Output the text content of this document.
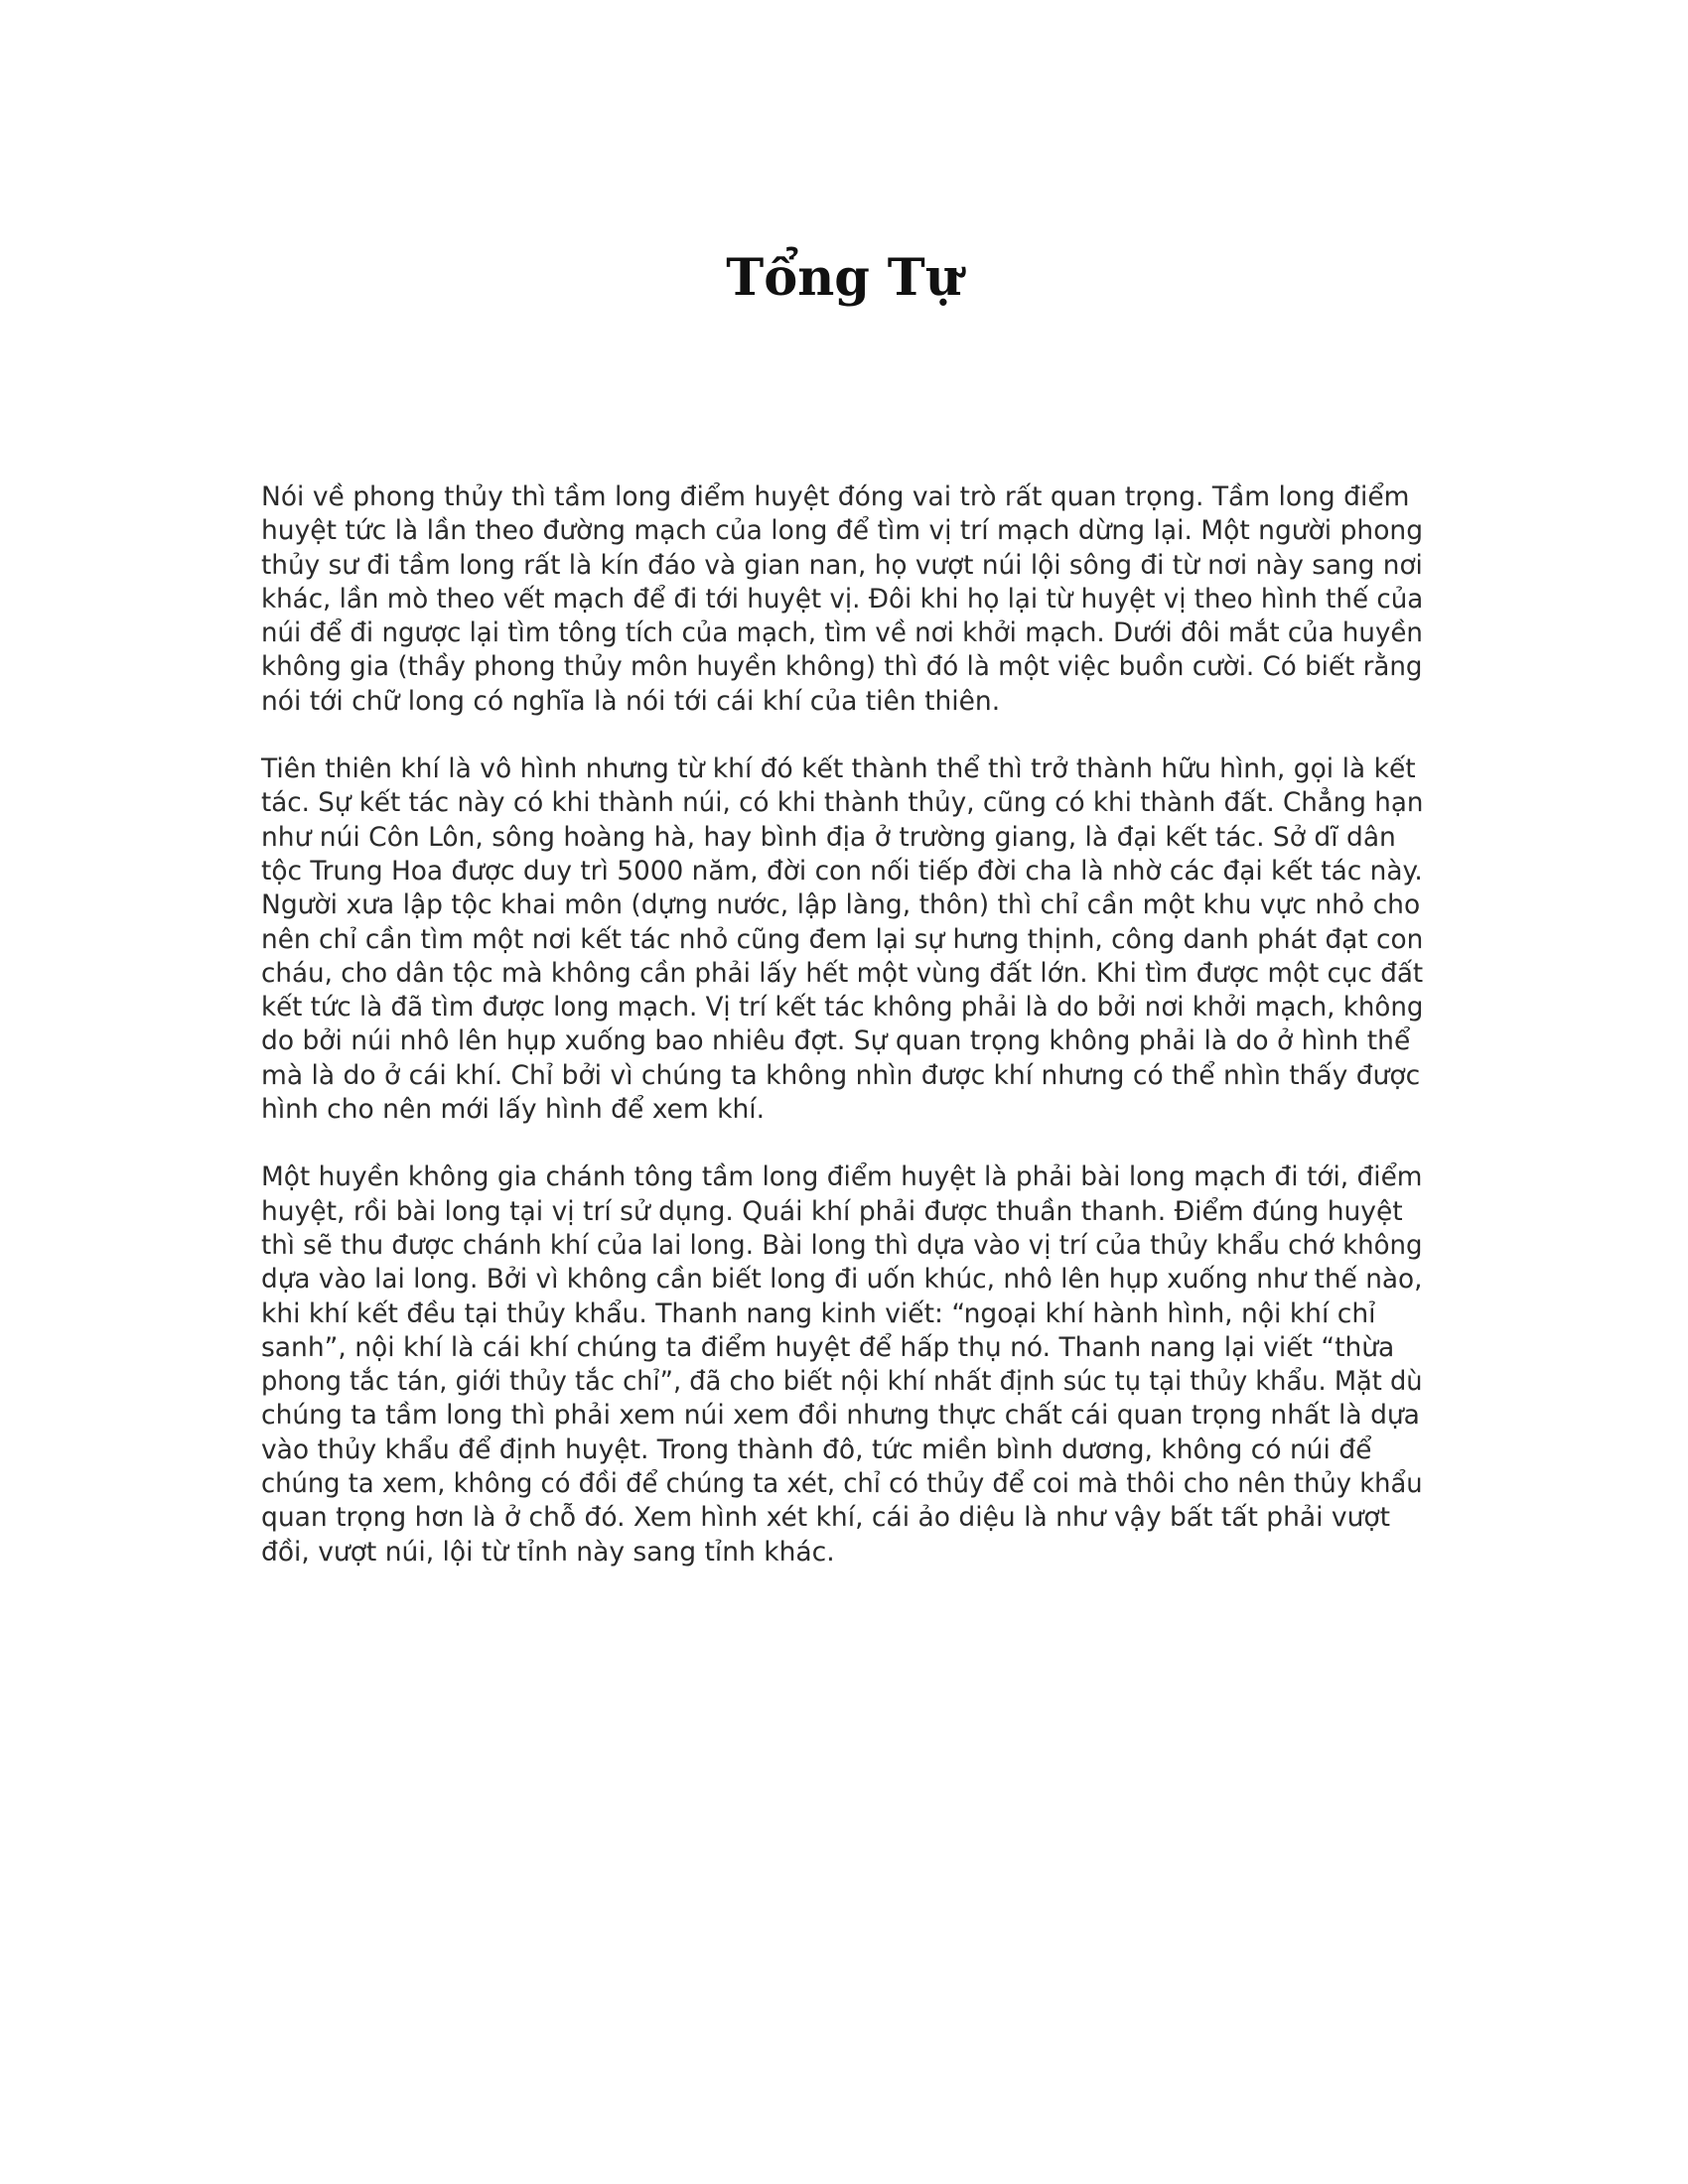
Tổng Tự

Nói về phong thủy thì tầm long điểm huyệt đóng vai trò rất quan trọng. Tầm long điểm
huyệt tức là lần theo đường mạch của long để tìm vị trí mạch dừng lại. Một người phong
thủy sư đi tầm long rất là kín đáo và gian nan, họ vượt núi lội sông đi từ nơi này sang nơi
khác, lần mò theo vết mạch để đi tới huyệt vị. Đôi khi họ lại từ huyệt vị theo hình thế của
núi để đi ngược lại tìm tông tích của mạch, tìm về nơi khởi mạch. Dưới đôi mắt của huyền
không gia (thầy phong thủy môn huyền không) thì đó là một việc buồn cười. Có biết rằng
nói tới chữ long có nghĩa là nói tới cái khí của tiên thiên.

Tiên thiên khí là vô hình nhưng từ khí đó kết thành thể thì trở thành hữu hình, gọi là kết
tác. Sự kết tác này có khi thành núi, có khi thành thủy, cũng có khi thành đất. Chẳng hạn
như núi Côn Lôn, sông hoàng hà, hay bình địa ở trường giang, là đại kết tác. Sở dĩ dân
tộc Trung Hoa được duy trì 5000 năm, đời con nối tiếp đời cha là nhờ các đại kết tác này.
Người xưa lập tộc khai môn (dựng nước, lập làng, thôn) thì chỉ cần một khu vực nhỏ cho
nên chỉ cần tìm một nơi kết tác nhỏ cũng đem lại sự hưng thịnh, công danh phát đạt con
cháu, cho dân tộc mà không cần phải lấy hết một vùng đất lớn. Khi tìm được một cục đất
kết tức là đã tìm được long mạch. Vị trí kết tác không phải là do bởi nơi khởi mạch, không
do bởi núi nhô lên hụp xuống bao nhiêu đợt. Sự quan trọng không phải là do ở hình thể
mà là do ở cái khí. Chỉ bởi vì chúng ta không nhìn được khí nhưng có thể nhìn thấy được
hình cho nên mới lấy hình để xem khí.

Một huyền không gia chánh tông tầm long điểm huyệt là phải bài long mạch đi tới, điểm
huyệt, rồi bài long tại vị trí sử dụng. Quái khí phải được thuần thanh. Điểm đúng huyệt
thì sẽ thu được chánh khí của lai long. Bài long thì dựa vào vị trí của thủy khẩu chớ không
dựa vào lai long. Bởi vì không cần biết long đi uốn khúc, nhô lên hụp xuống như thế nào,
khi khí kết đều tại thủy khẩu. Thanh nang kinh viết: “ngoại khí hành hình, nội khí chỉ
sanh”, nội khí là cái khí chúng ta điểm huyệt để hấp thụ nó. Thanh nang lại viết “thừa
phong tắc tán, giới thủy tắc chỉ”, đã cho biết nội khí nhất định súc tụ tại thủy khẩu. Mặt dù
chúng ta tầm long thì phải xem núi xem đồi nhưng thực chất cái quan trọng nhất là dựa
vào thủy khẩu để định huyệt. Trong thành đô, tức miền bình dương, không có núi để
chúng ta xem, không có đồi để chúng ta xét, chỉ có thủy để coi mà thôi cho nên thủy khẩu
quan trọng hơn là ở chỗ đó. Xem hình xét khí, cái ảo diệu là như vậy bất tất phải vượt
đồi, vượt núi, lội từ tỉnh này sang tỉnh khác.
